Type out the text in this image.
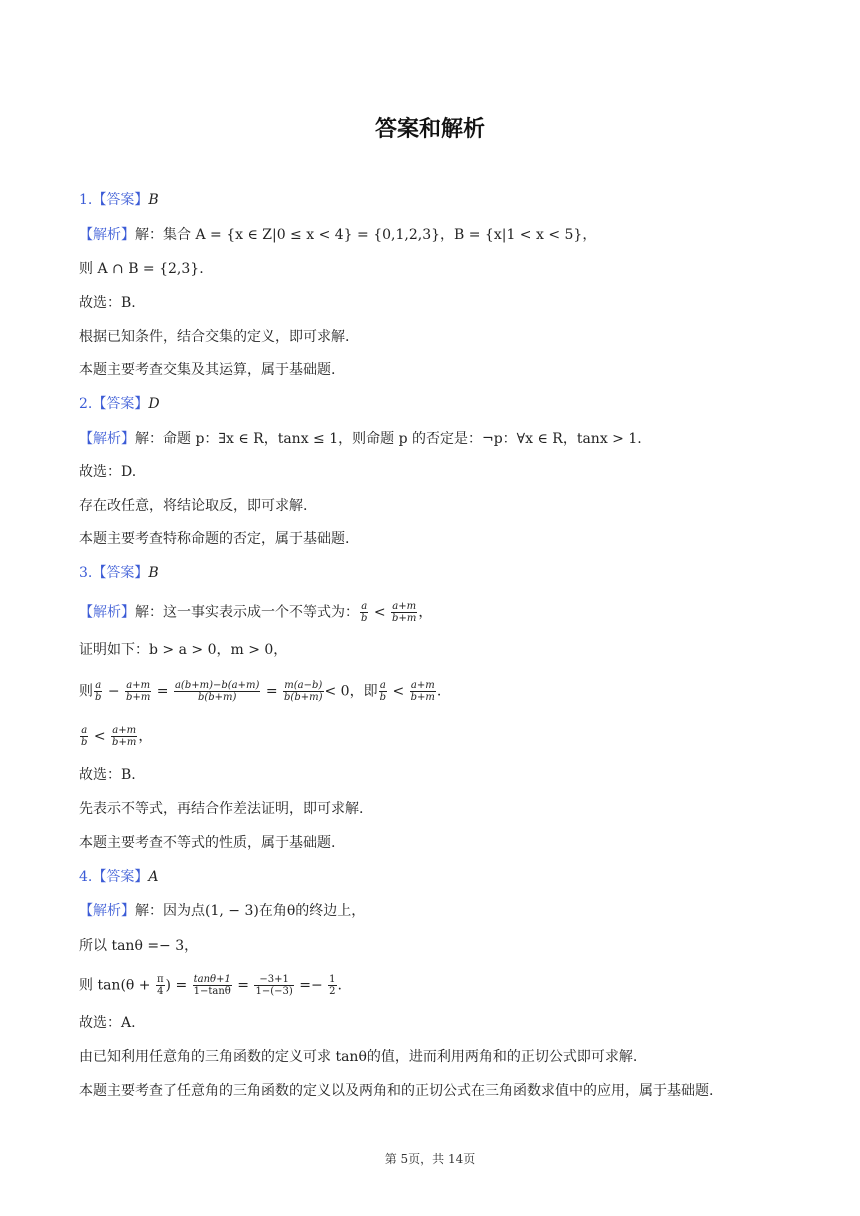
答案和解析
1.【答案】B
【解析】解：集合 A = {x ∈ Z|0 ≤ x < 4} = {0,1,2,3}，B = {x|1 < x < 5}，
则 A ∩ B = {2,3}.
故选：B.
根据已知条件，结合交集的定义，即可求解.
本题主要考查交集及其运算，属于基础题.
2.【答案】D
【解析】解：命题 p：∃x ∈ R，tanx ≤ 1，则命题 p 的否定是：¬p：∀x ∈ R，tanx > 1.
故选：D.
存在改任意，将结论取反，即可求解.
本题主要考查特称命题的否定，属于基础题.
3.【答案】B
【解析】解：这一事实表示成一个不等式为： $\frac{a}{b} < \frac{a+m}{b+m}$ ，
证明如下：b > a > 0，m > 0，
则 $\frac{a}{b} - \frac{a+m}{b+m} = \frac{a(b+m)-b(a+m)}{b(b+m)} = \frac{m(a-b)}{b(b+m)} < 0$，即 $\frac{a}{b} < \frac{a+m}{b+m}$ .
$\frac{a}{b} < \frac{a+m}{b+m}$ ，
故选：B.
先表示不等式，再结合作差法证明，即可求解.
本题主要考查不等式的性质，属于基础题.
4.【答案】A
【解析】解：因为点(1, − 3)在角θ的终边上，
所以 tanθ =− 3，
则 $\tan(\theta + \frac{\pi}{4}$ ) = $\frac{\tan\theta+1}{1-\tan\theta} = \frac{-3+1}{1-(-3)} =- \frac{1}{2}$ .
故选：A.
由已知利用任意角的三角函数的定义可求 tanθ的值，进而利用两角和的正切公式即可求解.
本题主要考查了任意角的三角函数的定义以及两角和的正切公式在三角函数求值中的应用，属于基础题.
第 5页，共 14页
